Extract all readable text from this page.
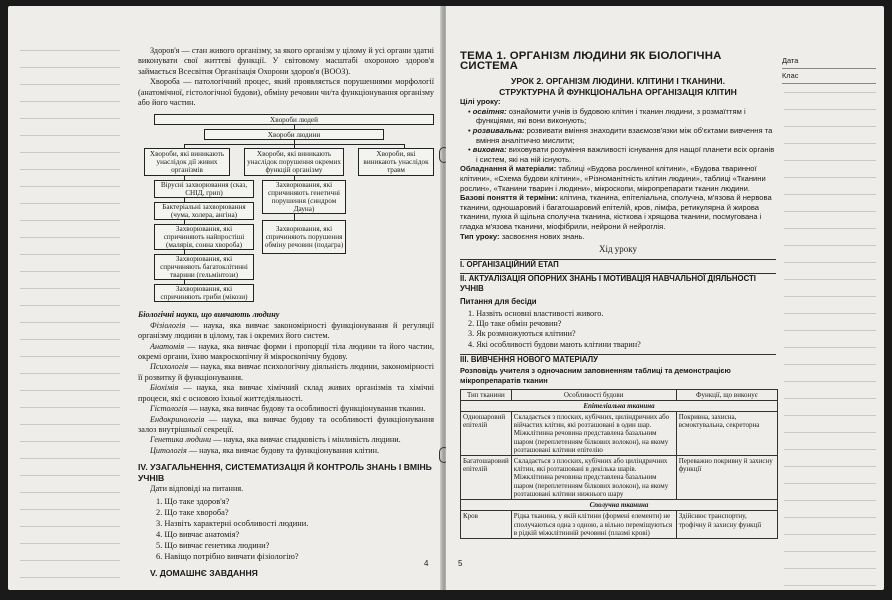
Здоров'я — стан живого організму, за якого організм у цілому й усі органи здатні виконувати свої життєві функції. У світовому масштабі охороною здоров'я займається Всесвітня Організація Охорони здоров'я (ВООЗ).

Хвороба — патологічний процес, який проявляється порушеннями морфології (анатомічної, гістологічної будови), обміну речовин чи/та функціонування організму або його частин.

Хвороби людей
Хвороби людини
Хвороби, які виникають унаслідок дії живих організмів
Хвороби, які виникають унаслідок порушення окремих функцій організму
Хвороби, які виникають унаслідок травм
Вірусні захворювання (сказ, СНІД, грип)
Бактеріальні захворювання (чума, холера, ангіна)
Захворювання, які спричиняють найпростіші (малярія, сонна хвороба)
Захворювання, які спричиняють багатоклітинні тварини (гельмінтози)
Захворювання, які спричиняють гриби (мікози)
Захворювання, які спричиняють генетичні порушення (синдром Дауна)
Захворювання, які спричиняють порушення обміну речовин (подагра)

Біологічні науки, що вивчають людину

Фізіологія — наука, яка вивчає закономірності функціонування й регуляції організму людини в цілому, так і окремих його систем.

Анатомія — наука, яка вивчає форми і пропорції тіла людини та його частин, окремі органи, їхню макроскопічну й мікроскопічну будову.

Психологія — наука, яка вивчає психологічну діяльність людини, закономірності її розвитку й функціонування.

Біохімія — наука, яка вивчає хімічний склад живих організмів та хімічні процеси, які є основою їхньої життєдіяльності.

Гістологія — наука, яка вивчає будову та особливості функціонування тканин.

Ендокринологія — наука, яка вивчає будову та особливості функціонування залоз внутрішньої секреції.

Генетика людини — наука, яка вивчає спадковість і мінливість людини.

Цитологія — наука, яка вивчає будову та функціонування клітин.

IV. УЗАГАЛЬНЕННЯ, СИСТЕМАТИЗАЦІЯ Й КОНТРОЛЬ ЗНАНЬ І ВМІНЬ УЧНІВ

Дати відповіді на питання.

1. Що таке здоров'я?
2. Що таке хвороба?
3. Назвіть характерні особливості людини.
4. Що вивчає анатомія?
5. Що вивчає генетика людини?
6. Навіщо потрібно вивчати фізіологію?
V. ДОМАШНЄ ЗАВДАННЯ
4
Дата
Клас
ТЕМА 1. ОРГАНІЗМ ЛЮДИНИ ЯК БІОЛОГІЧНА СИСТЕМА
УРОК 2. ОРГАНІЗМ ЛЮДИНИ. КЛІТИНИ І ТКАНИНИ.
СТРУКТУРНА Й ФУНКЦІОНАЛЬНА ОРГАНІЗАЦІЯ КЛІТИН
Цілі уроку:
• освітня: ознайомити учнів із будовою клітин і тканин людини, з розмаїттям і функціями, які вони виконують;
• розвивальна: розвивати вміння знаходити взаємозв'язки між об'єктами вивчення та вміння аналітично мислити;
• виховна: виховувати розуміння важливості існування для нащої планети всіх органів і систем, які на ній існують.
Обладнання й матеріали: таблиці «Будова рослинної клітини», «Будова тваринної клітини», «Схема будови клітини», «Різноманітність клітин людини», таблиці «Тканини рослин», «Тканини тварин і людини», мікроскопи, мікропрепарати тканин людини.
Базові поняття й терміни: клітина, тканина, епітеліальна, сполучна, м'язова й нервова тканини, одношаровий і багатошаровий епітелій, кров, лімфа, ретикулярна й жирова тканини, пухка й щільна сполучна тканина, кісткова і хрящова тканини, посмугована і гладка м'язова тканини, міофібрили, нейрони й нейроглія.
Тип уроку: засвоєння нових знань.
Хід уроку
I. ОРГАНІЗАЦІЙНИЙ ЕТАП
II. АКТУАЛІЗАЦІЯ ОПОРНИХ ЗНАНЬ І МОТИВАЦІЯ НАВЧАЛЬНОЇ ДІЯЛЬНОСТІ УЧНІВ
Питання для бесіди
1. Назвіть основні властивості живого.
2. Що таке обмін речовин?
3. Як розмножуються клітини?
4. Які особливості будови мають клітини тварин?
III. ВИВЧЕННЯ НОВОГО МАТЕРІАЛУ
Розповідь учителя з одночасним заповненням таблиці та демонстрацією мікропрепаратів тканин
Тип тканини	Особливості будови	Функції, що виконує
Епітеліальна тканина		
Одношаровий епітелій	Складається з плоских, кубічних, циліндричних або війчастих клітин, які розташовані в один шар. Міжклітинна речовина представлена базальним шаром (переплетенням білкових волокон), на якому розташовані клітини епітелію	Покривна, захисна, всмоктувальна, секреторна
Багатошаровий епітелій	Складається з плоских, кубічних або циліндричних клітин, які розташовані в декілька шарів. Міжклітинна речовина представлена базальним шаром (переплетенням білкових волокон), на якому розташовані клітини нижнього шару	Переважно покривну й захисну функції
Сполучна тканина		
Кров	Рідка тканина, у якій клітини (формені елементи) не сполучаються одна з одною, а вільно переміщуються в рідкій міжклітинній речовині (плазмі крові)	Здійснює транспортну, трофічну й захисну функції
5
